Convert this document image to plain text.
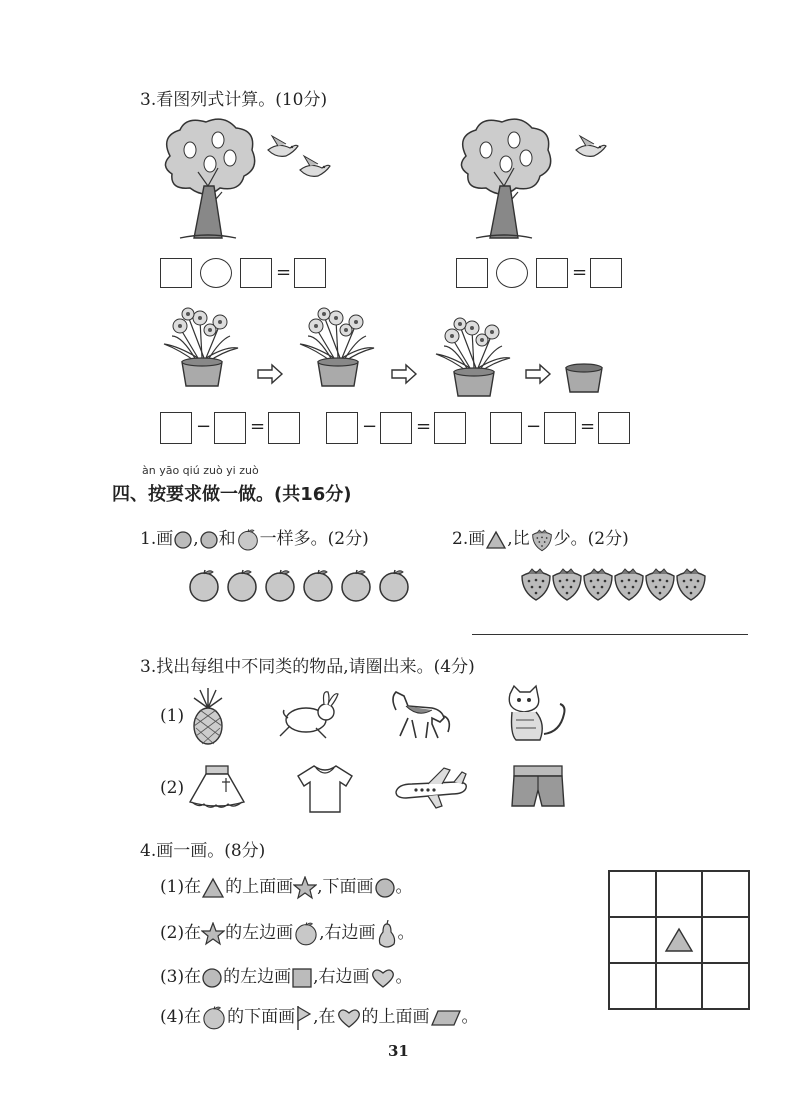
3.看图列式计算。(10分)
=	=
− =	− =	− =
àn yāo qiú zuò yi zuò
四、按要求做一做。(共16分)
1.画 , 和 一样多。(2分)	2.画 ,比 少。(2分)
3.找出每组中不同类的物品,请圈出来。(4分)
(1)
(2)
4.画一画。(8分)
(1)在 的上面画 ,下面画 。
(2)在 的左边画 ,右边画 。
(3)在 的左边画 ,右边画 。
(4)在 的下面画 ,在 的上面画 。
31
